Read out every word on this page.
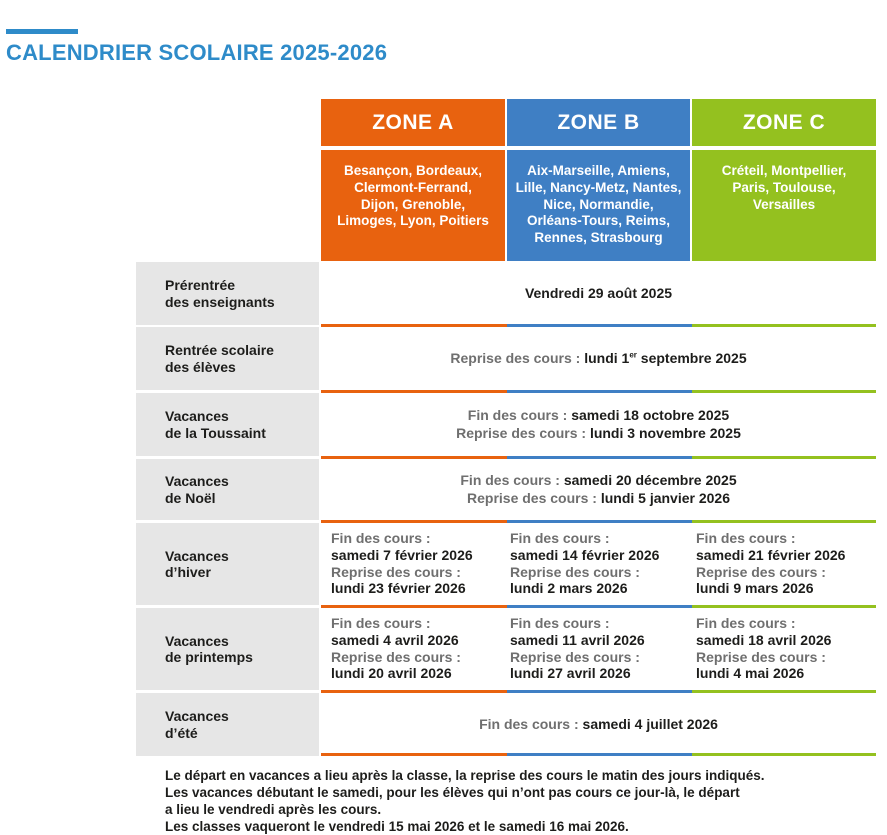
CALENDRIER SCOLAIRE 2025-2026
ZONE A	ZONE B	ZONE C
Besançon, Bordeaux,
Clermont-Ferrand,
Dijon, Grenoble,
Limoges, Lyon, Poitiers
Aix-Marseille, Amiens,
Lille, Nancy-Metz, Nantes,
Nice, Normandie,
Orléans-Tours, Reims,
Rennes, Strasbourg
Créteil, Montpellier,
Paris, Toulouse,
Versailles
Prérentrée
des enseignants
Vendredi 29 août 2025
Rentrée scolaire
des élèves
Reprise des cours : lundi 1er septembre 2025
Vacances
de la Toussaint
Fin des cours : samedi 18 octobre 2025
Reprise des cours : lundi 3 novembre 2025
Vacances
de Noël
Fin des cours : samedi 20 décembre 2025
Reprise des cours : lundi 5 janvier 2026
Vacances
d’hiver
Fin des cours :
samedi 7 février 2026
Reprise des cours :
lundi 23 février 2026
Fin des cours :
samedi 14 février 2026
Reprise des cours :
lundi 2 mars 2026
Fin des cours :
samedi 21 février 2026
Reprise des cours :
lundi 9 mars 2026
Vacances
de printemps
Fin des cours :
samedi 4 avril 2026
Reprise des cours :
lundi 20 avril 2026
Fin des cours :
samedi 11 avril 2026
Reprise des cours :
lundi 27 avril 2026
Fin des cours :
samedi 18 avril 2026
Reprise des cours :
lundi 4 mai 2026
Vacances
d’été
Fin des cours : samedi 4 juillet 2026
Le départ en vacances a lieu après la classe, la reprise des cours le matin des jours indiqués.
Les vacances débutant le samedi, pour les élèves qui n’ont pas cours ce jour-là, le départ
a lieu le vendredi après les cours.
Les classes vaqueront le vendredi 15 mai 2026 et le samedi 16 mai 2026.
